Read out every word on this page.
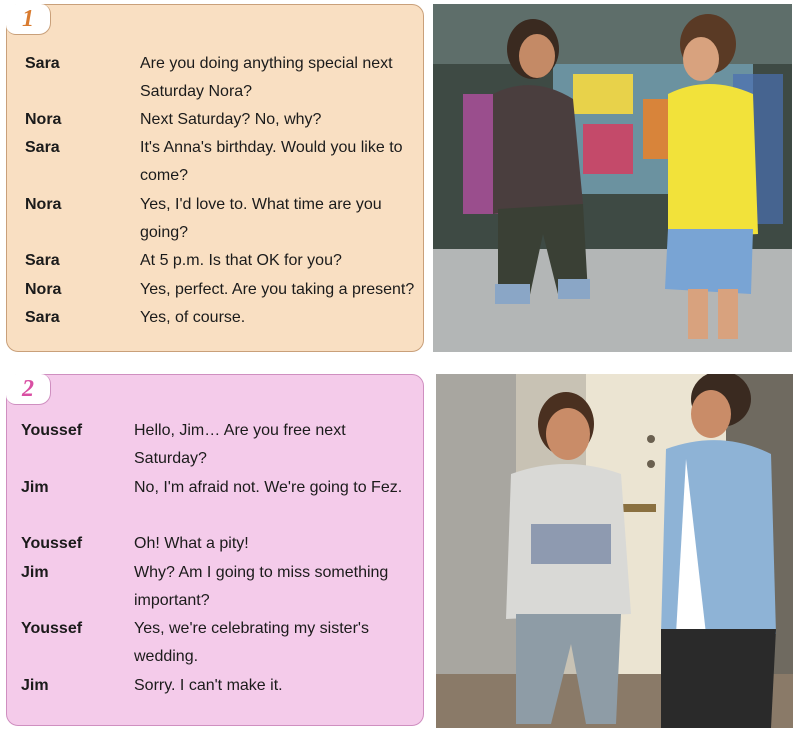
1
Sara	Are you doing anything special next Saturday Nora?
Nora	Next Saturday? No, why?
Sara	It's Anna's birthday. Would you like to come?
Nora	Yes, I'd love to. What time are you going?
Sara	At 5 p.m. Is that OK for you?
Nora	Yes, perfect. Are you taking a present?
Sara	Yes, of course.
2
Youssef	Hello, Jim… Are you free next Saturday?
Jim	No, I'm afraid not. We're going to Fez.
Youssef	Oh! What a pity!
Jim	Why? Am I going to miss something important?
Youssef	Yes, we're celebrating my sister's wedding.
Jim	Sorry. I can't make it.
